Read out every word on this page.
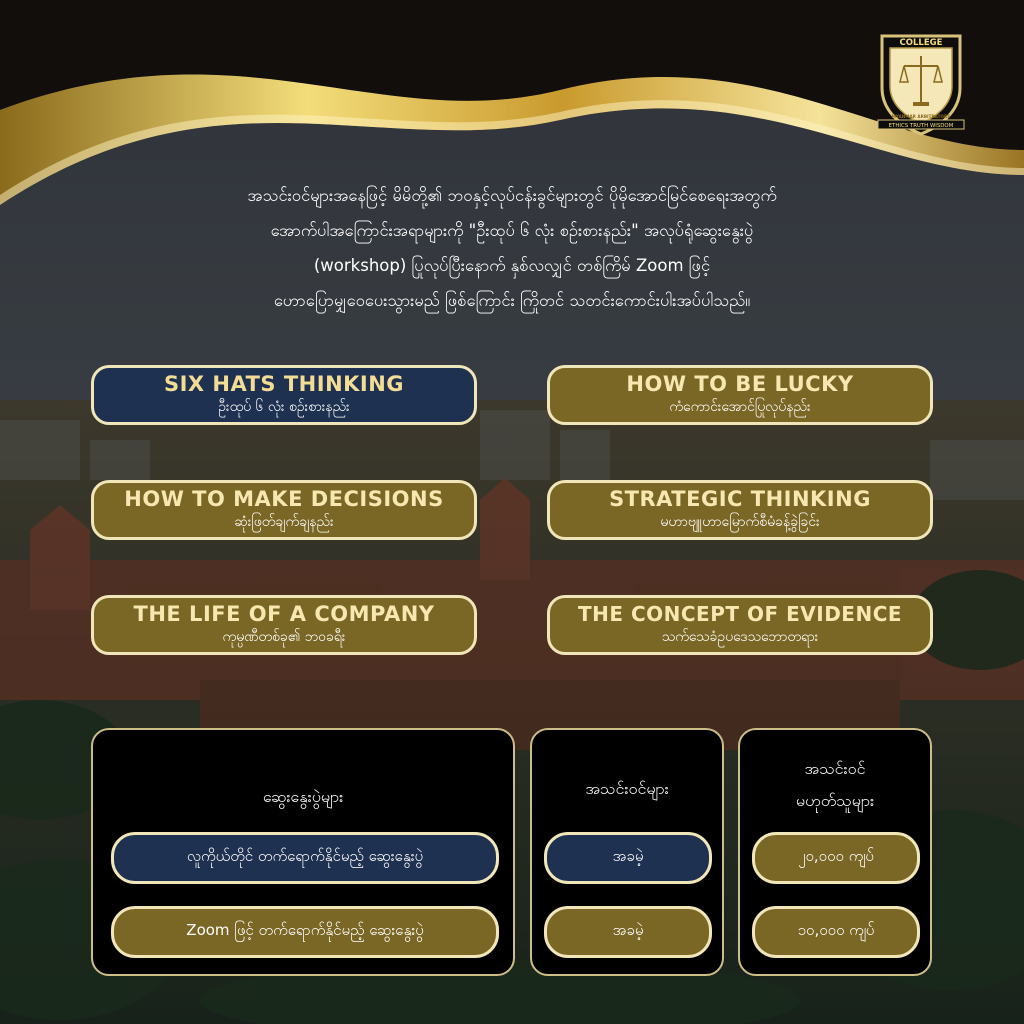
COLLEGE
MYANMAR ARBITRATORS
ETHICS TRUTH WISDOM
အသင်းဝင်များအနေဖြင့် မိမိတို့၏ ဘဝနှင့်လုပ်ငန်းခွင်များတွင် ပိုမိုအောင်မြင်စေရေးအတွက်
အောက်ပါအကြောင်းအရာများကို "ဦးထုပ် ၆ လုံး စဉ်းစားနည်း" အလုပ်ရုံဆွေးနွေးပွဲ
(workshop) ပြုလုပ်ပြီးနောက် နှစ်လလျှင် တစ်ကြိမ် Zoom ဖြင့်
ဟောပြောမျှဝေပေးသွားမည် ဖြစ်ကြောင်း ကြိုတင် သတင်းကောင်းပါးအပ်ပါသည်။
SIX HATS THINKING
ဦးထုပ် ၆ လုံး စဉ်းစားနည်း
HOW TO BE LUCKY
ကံကောင်းအောင်ပြုလုပ်နည်း
HOW TO MAKE DECISIONS
ဆုံးဖြတ်ချက်ချနည်း
STRATEGIC THINKING
မဟာဗျူဟာမြောက်စီမံခန့်ခွဲခြင်း
THE LIFE OF A COMPANY
ကုမ္ပဏီတစ်ခု၏ ဘဝခရီး
THE CONCEPT OF EVIDENCE
သက်သေခံဥပဒေသဘောတရား
ဆွေးနွေးပွဲများ
လူကိုယ်တိုင် တက်ရောက်နိုင်မည့် ဆွေးနွေးပွဲ
Zoom ဖြင့် တက်ရောက်နိုင်မည့် ဆွေးနွေးပွဲ
အသင်းဝင်များ
အခမဲ့
အခမဲ့
အသင်းဝင်
မဟုတ်သူများ
၂၀,၀၀၀ ကျပ်
၁၀,၀၀၀ ကျပ်
